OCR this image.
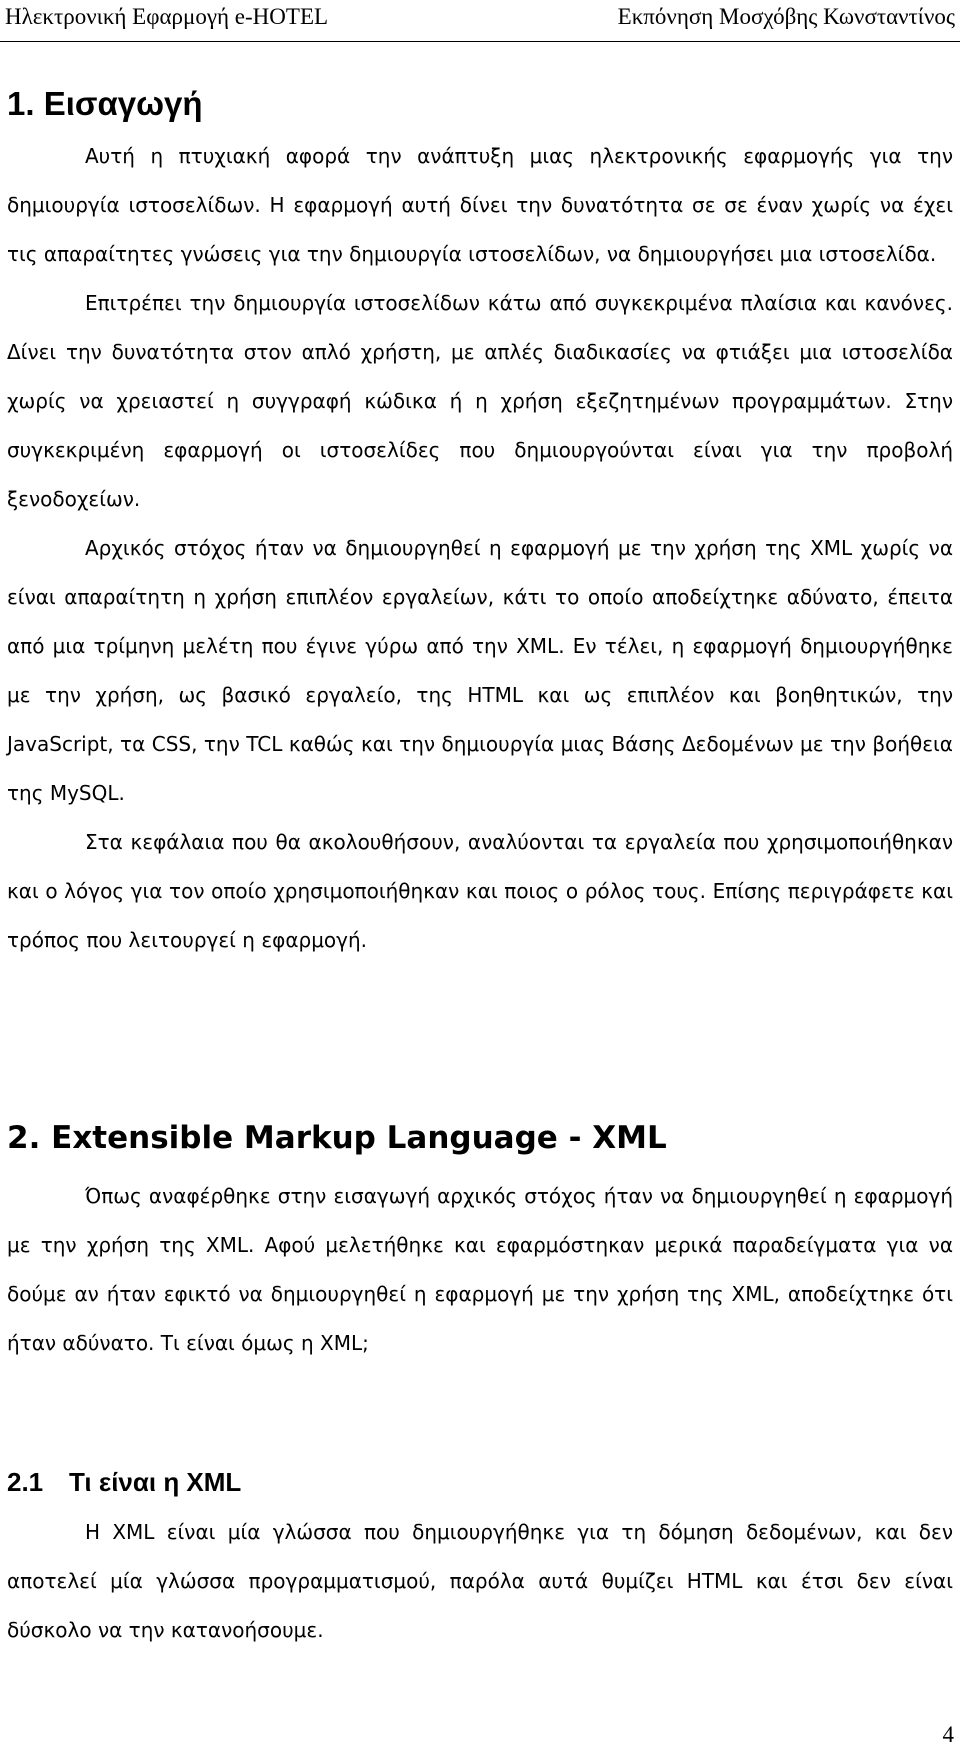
Ηλεκτρονική Εφαρμογή e-HOTEL	Εκπόνηση Μοσχόβης Κωνσταντίνος
1. Εισαγωγή

Αυτή η πτυχιακή αφορά την ανάπτυξη μιας ηλεκτρονικής εφαρμογής για την δημιουργία ιστοσελίδων. Η εφαρμογή αυτή δίνει την δυνατότητα σε σε έναν χωρίς να έχει τις απαραίτητες γνώσεις για την δημιουργία ιστοσελίδων, να δημιουργήσει μια ιστοσελίδα.

Επιτρέπει την δημιουργία ιστοσελίδων κάτω από συγκεκριμένα πλαίσια και κανόνες. Δίνει την δυνατότητα στον απλό χρήστη, με απλές διαδικασίες να φτιάξει μια ιστοσελίδα χωρίς να χρειαστεί η συγγραφή κώδικα ή η χρήση εξεζητημένων προγραμμάτων. Στην συγκεκριμένη εφαρμογή οι ιστοσελίδες που δημιουργούνται είναι για την προβολή ξενοδοχείων.

Αρχικός στόχος ήταν να δημιουργηθεί η εφαρμογή με την χρήση της XML χωρίς να είναι απαραίτητη η χρήση επιπλέον εργαλείων, κάτι το οποίο αποδείχτηκε αδύνατο, έπειτα από μια τρίμηνη μελέτη που έγινε γύρω από την XML. Εν τέλει, η εφαρμογή δημιουργήθηκε με την χρήση, ως βασικό εργαλείο, της HTML και ως επιπλέον και βοηθητικών, την JavaScript, τα CSS, την TCL καθώς και την δημιουργία μιας Βάσης Δεδομένων με την βοήθεια της MySQL.

Στα κεφάλαια που θα ακολουθήσουν, αναλύονται τα εργαλεία που χρησιμοποιήθηκαν και ο λόγος για τον οποίο χρησιμοποιήθηκαν και ποιος ο ρόλος τους. Επίσης περιγράφετε και τρόπος που λειτουργεί η εφαρμογή.

2. Extensible Markup Language - XML

Όπως αναφέρθηκε στην εισαγωγή αρχικός στόχος ήταν να δημιουργηθεί η εφαρμογή με την χρήση της XML. Αφού μελετήθηκε και εφαρμόστηκαν μερικά παραδείγματα για να δούμε αν ήταν εφικτό να δημιουργηθεί η εφαρμογή με την χρήση της XML, αποδείχτηκε ότι ήταν αδύνατο. Τι είναι όμως η XML;

2.1 Τι είναι η XML

Η XML είναι μία γλώσσα που δημιουργήθηκε για τη δόμηση δεδομένων, και δεν αποτελεί μία γλώσσα προγραμματισμού, παρόλα αυτά θυμίζει HTML και έτσι δεν είναι δύσκολο να την κατανοήσουμε.

4
